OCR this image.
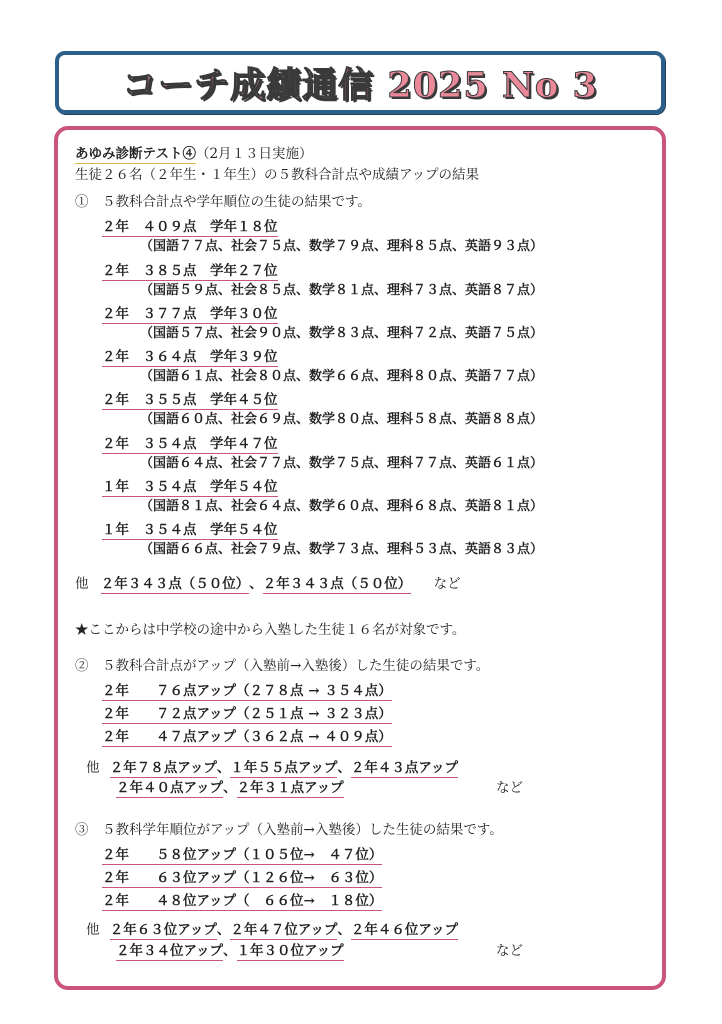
コーチ成績通信 2025 No 3
あゆみ診断テスト④（2月１３日実施）
生徒２６名（２年生・１年生）の５教科合計点や成績アップの結果
①　５教科合計点や学年順位の生徒の結果です。
２年　４０９点　学年１８位
（国語７７点、社会７５点、数学７９点、理科８５点、英語９３点）
２年　３８５点　学年２７位
（国語５９点、社会８５点、数学８１点、理科７３点、英語８７点）
２年　３７７点　学年３０位
（国語５７点、社会９０点、数学８３点、理科７２点、英語７５点）
２年　３６４点　学年３９位
（国語６１点、社会８０点、数学６６点、理科８０点、英語７７点）
２年　３５５点　学年４５位
（国語６０点、社会６９点、数学８０点、理科５８点、英語８８点）
２年　３５４点　学年４７位
（国語６４点、社会７７点、数学７５点、理科７７点、英語６１点）
１年　３５４点　学年５４位
（国語８１点、社会６４点、数学６０点、理科６８点、英語８１点）
１年　３５４点　学年５４位
（国語６６点、社会７９点、数学７３点、理科５３点、英語８３点）
他 ２年３４３点（５０位）、２年３４３点（５０位） など
★ここからは中学校の途中から入塾した生徒１６名が対象です。
②　５教科合計点がアップ（入塾前→入塾後）した生徒の結果です。
２年　　７６点アップ（２７８点 → ３５４点）
２年　　７２点アップ（２５１点 → ３２３点）
２年　　４７点アップ（３６２点 → ４０９点）
他 ２年７８点アップ、１年５５点アップ、２年４３点アップ
２年４０点アップ、２年３１点アップ	など
③　５教科学年順位がアップ（入塾前→入塾後）した生徒の結果です。
２年　　５８位アップ（１０５位→　４７位）
２年　　６３位アップ（１２６位→　６３位）
２年　　４８位アップ（　６６位→　１８位）
他 ２年６３位アップ、２年４７位アップ、２年４６位アップ
２年３４位アップ、１年３０位アップ	など
